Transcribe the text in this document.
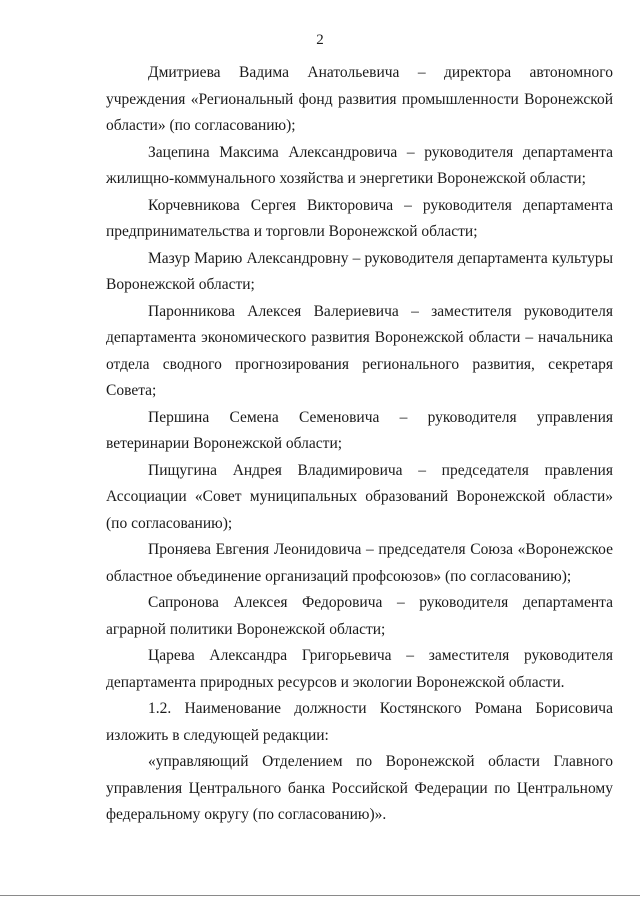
2

Дмитриева Вадима Анатольевича – директора автономного учреждения «Региональный фонд развития промышленности Воронежской области» (по согласованию);

Зацепина Максима Александровича – руководителя департамента жилищно-коммунального хозяйства и энергетики Воронежской области;

Корчевникова Сергея Викторовича – руководителя департамента предпринимательства и торговли Воронежской области;

Мазур Марию Александровну – руководителя департамента культуры Воронежской области;

Паронникова Алексея Валериевича – заместителя руководителя департамента экономического развития Воронежской области – начальника отдела сводного прогнозирования регионального развития, секретаря Совета;

Першина Семена Семеновича – руководителя управления ветеринарии Воронежской области;

Пищугина Андрея Владимировича – председателя правления Ассоциации «Совет муниципальных образований Воронежской области» (по согласованию);

Проняева Евгения Леонидовича – председателя Союза «Воронежское областное объединение организаций профсоюзов» (по согласованию);

Сапронова Алексея Федоровича – руководителя департамента аграрной политики Воронежской области;

Царева Александра Григорьевича – заместителя руководителя департамента природных ресурсов и экологии Воронежской области.

1.2. Наименование должности Костянского Романа Борисовича изложить в следующей редакции:

«управляющий Отделением по Воронежской области Главного управления Центрального банка Российской Федерации по Центральному федеральному округу (по согласованию)».
